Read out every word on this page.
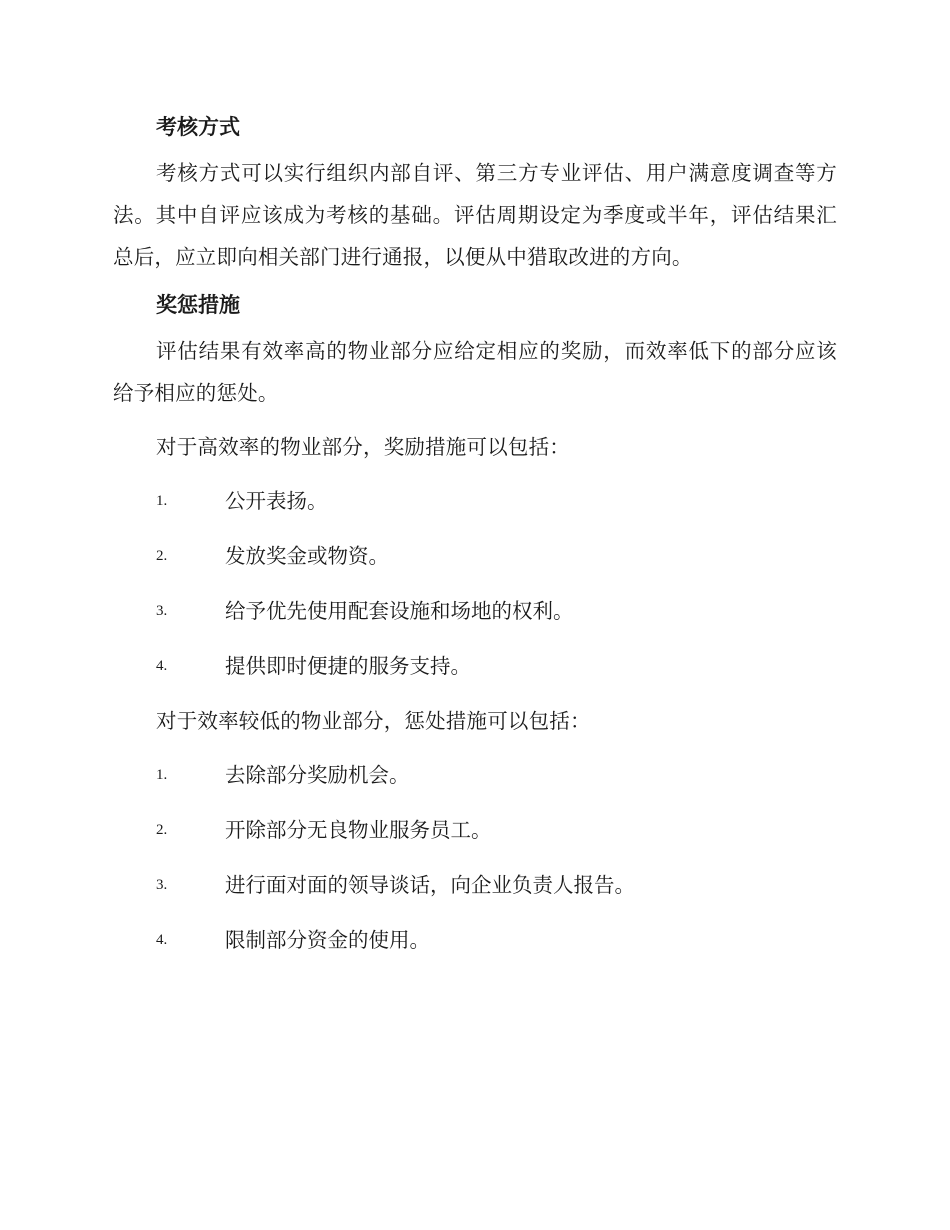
考核方式

考核方式可以实行组织内部自评、第三方专业评估、用户满意度调查等方法。其中自评应该成为考核的基础。评估周期设定为季度或半年，评估结果汇总后，应立即向相关部门进行通报，以便从中猎取改进的方向。

奖惩措施

评估结果有效率高的物业部分应给定相应的奖励，而效率低下的部分应该给予相应的惩处。

对于高效率的物业部分，奖励措施可以包括：

1.	公开表扬。
2.	发放奖金或物资。
3.	给予优先使用配套设施和场地的权利。
4.	提供即时便捷的服务支持。

对于效率较低的物业部分，惩处措施可以包括：

1.	去除部分奖励机会。
2.	开除部分无良物业服务员工。
3.	进行面对面的领导谈话，向企业负责人报告。
4.	限制部分资金的使用。
